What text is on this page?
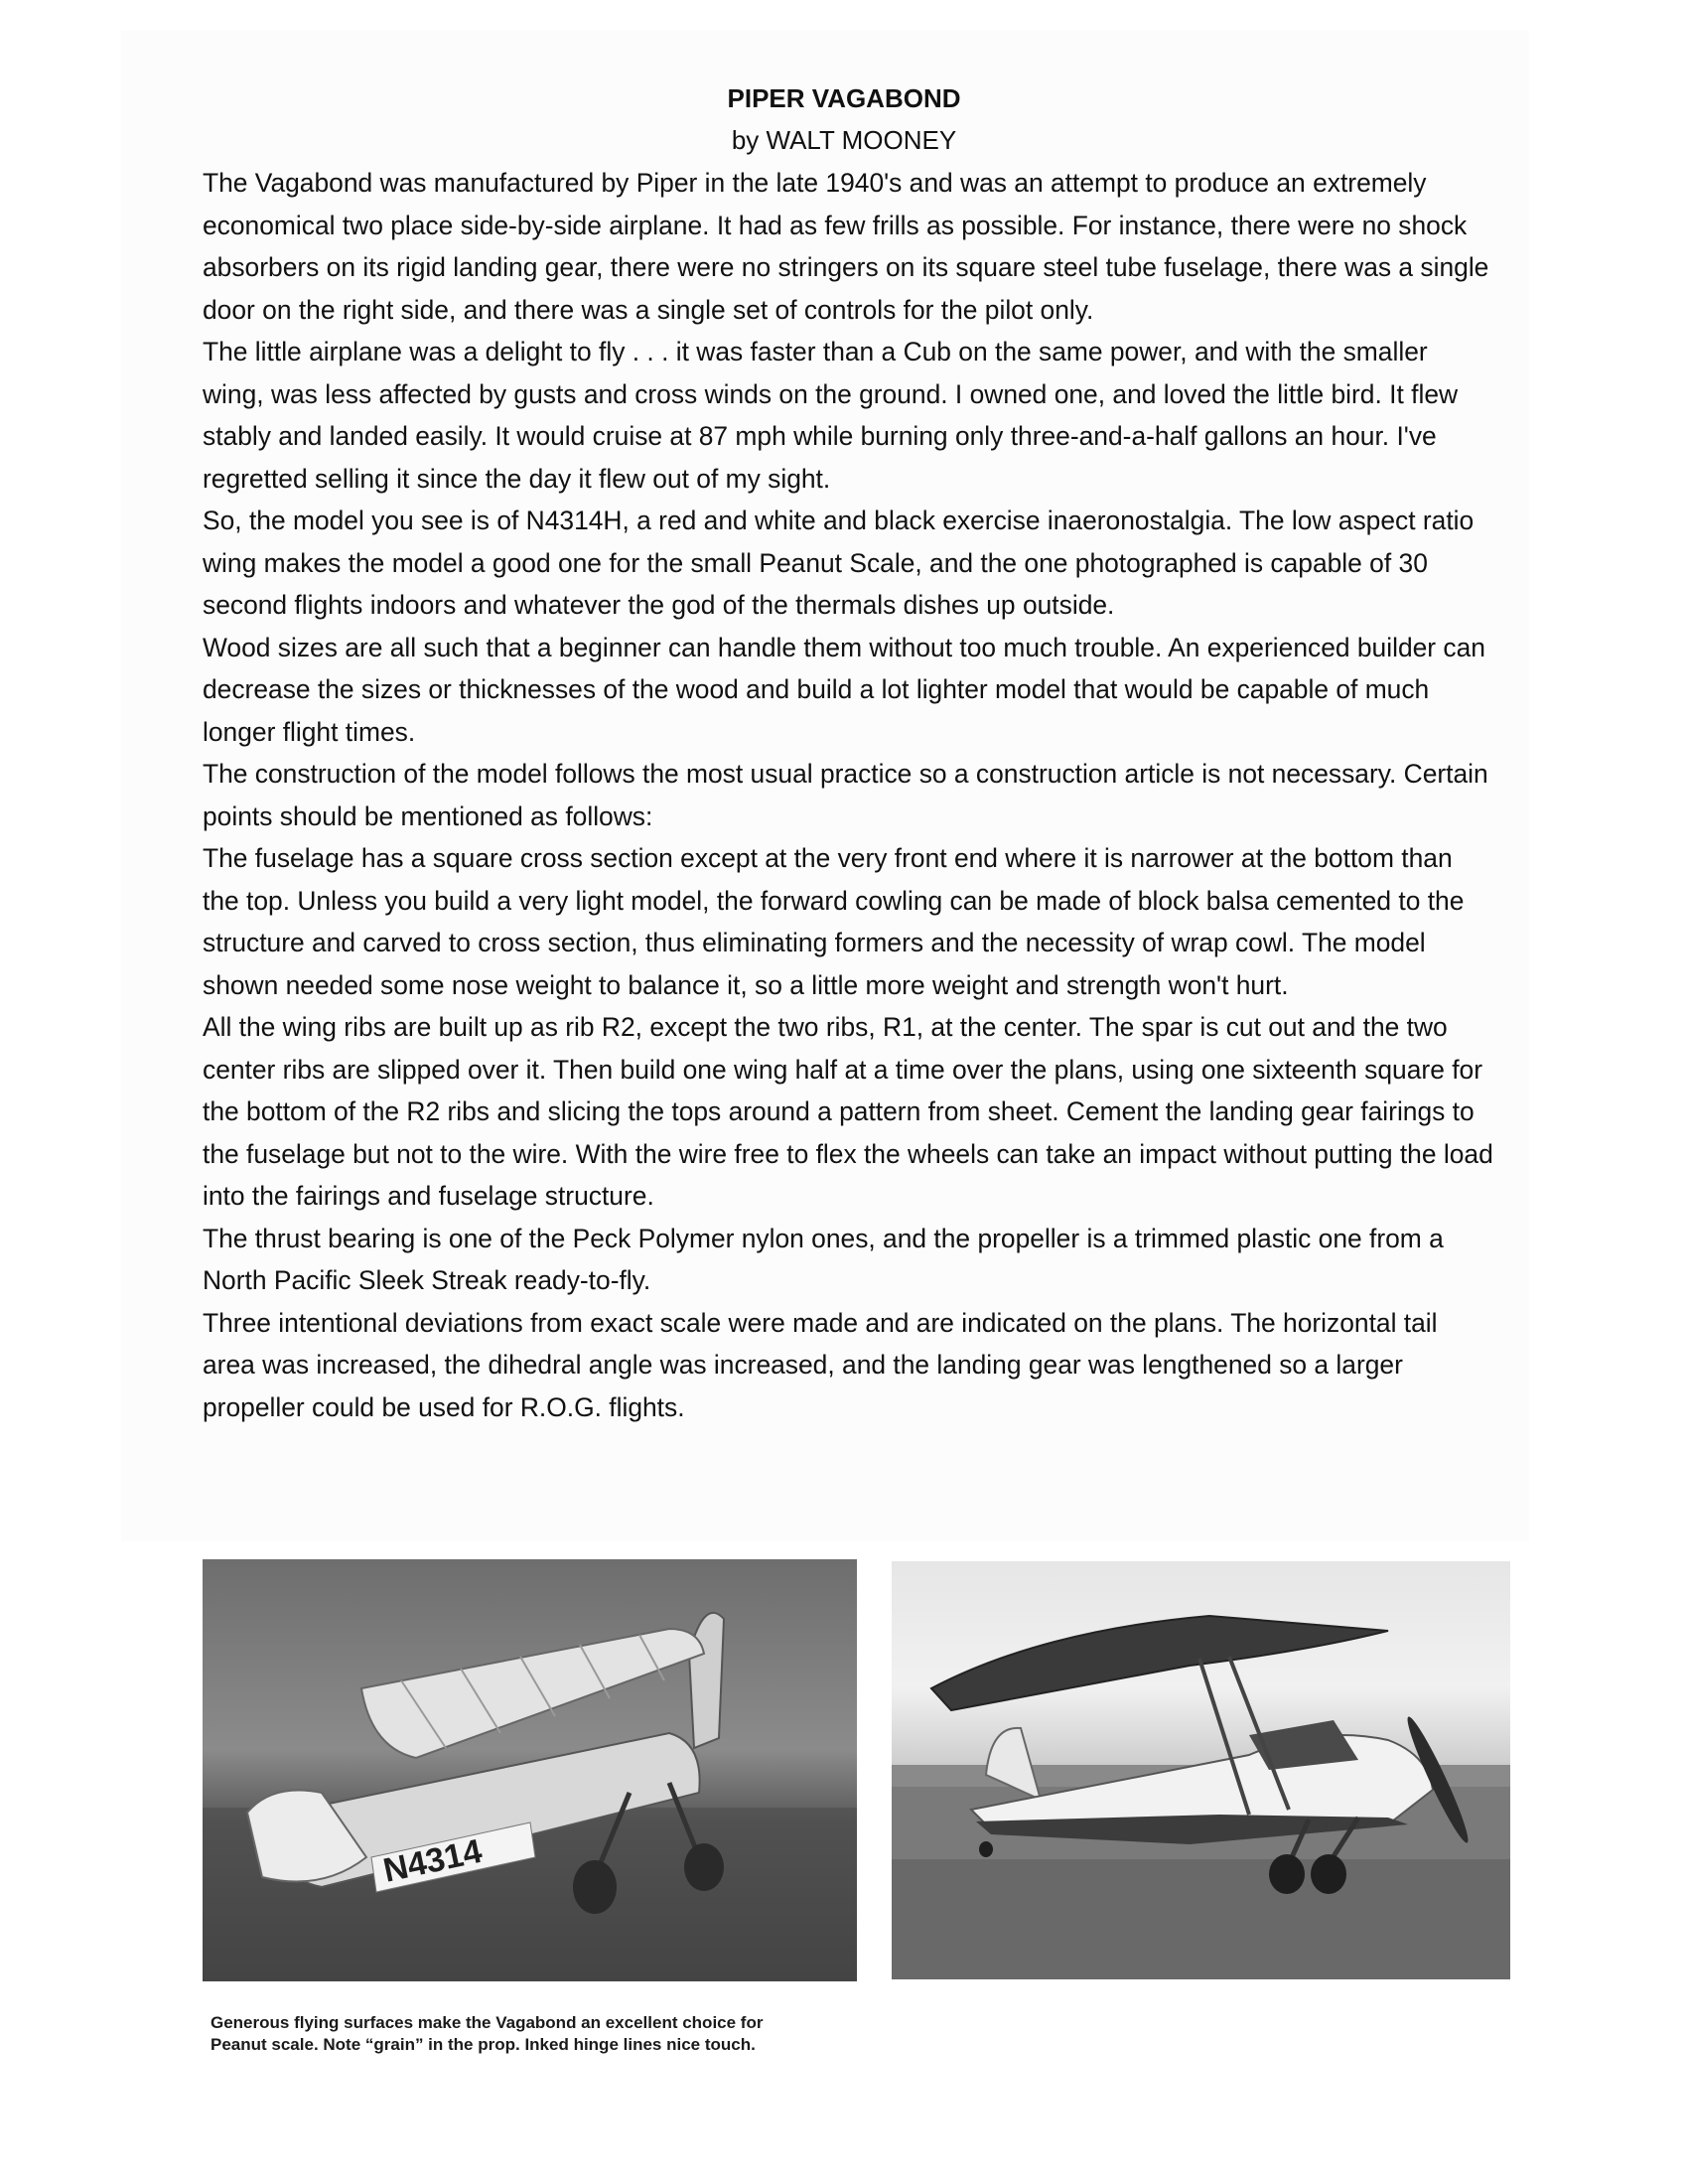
PIPER VAGABOND
by WALT MOONEY

The Vagabond was manufactured by Piper in the late 1940's and was an attempt to produce an extremely economical two place side-by-side airplane. It had as few frills as possible. For instance, there were no shock absorbers on its rigid landing gear, there were no stringers on its square steel tube fuselage, there was a single door on the right side, and there was a single set of controls for the pilot only.

The little airplane was a delight to fly . . . it was faster than a Cub on the same power, and with the smaller wing, was less affected by gusts and cross winds on the ground. I owned one, and loved the little bird. It flew stably and landed easily. It would cruise at 87 mph while burning only three-and-a-half gallons an hour. I've regretted selling it since the day it flew out of my sight.

So, the model you see is of N4314H, a red and white and black exercise inaeronostalgia. The low aspect ratio wing makes the model a good one for the small Peanut Scale, and the one photographed is capable of 30 second flights indoors and whatever the god of the thermals dishes up outside.

Wood sizes are all such that a beginner can handle them without too much trouble. An experienced builder can decrease the sizes or thicknesses of the wood and build a lot lighter model that would be capable of much longer flight times.

The construction of the model follows the most usual practice so a construction article is not necessary. Certain points should be mentioned as follows:

The fuselage has a square cross section except at the very front end where it is narrower at the bottom than the top. Unless you build a very light model, the forward cowling can be made of block balsa cemented to the structure and carved to cross section, thus eliminating formers and the necessity of wrap cowl. The model shown needed some nose weight to balance it, so a little more weight and strength won't hurt.

All the wing ribs are built up as rib R2, except the two ribs, R1, at the center. The spar is cut out and the two center ribs are slipped over it. Then build one wing half at a time over the plans, using one sixteenth square for the bottom of the R2 ribs and slicing the tops around a pattern from sheet. Cement the landing gear fairings to the fuselage but not to the wire. With the wire free to flex the wheels can take an impact without putting the load into the fairings and fuselage structure.

The thrust bearing is one of the Peck Polymer nylon ones, and the propeller is a trimmed plastic one from a North Pacific Sleek Streak ready-to-fly.

Three intentional deviations from exact scale were made and are indicated on the plans. The horizontal tail area was increased, the dihedral angle was increased, and the landing gear was lengthened so a larger propeller could be used for R.O.G. flights.

N4314

Generous flying surfaces make the Vagabond an excellent choice for

Peanut scale. Note “grain” in the prop. Inked hinge lines nice touch.
